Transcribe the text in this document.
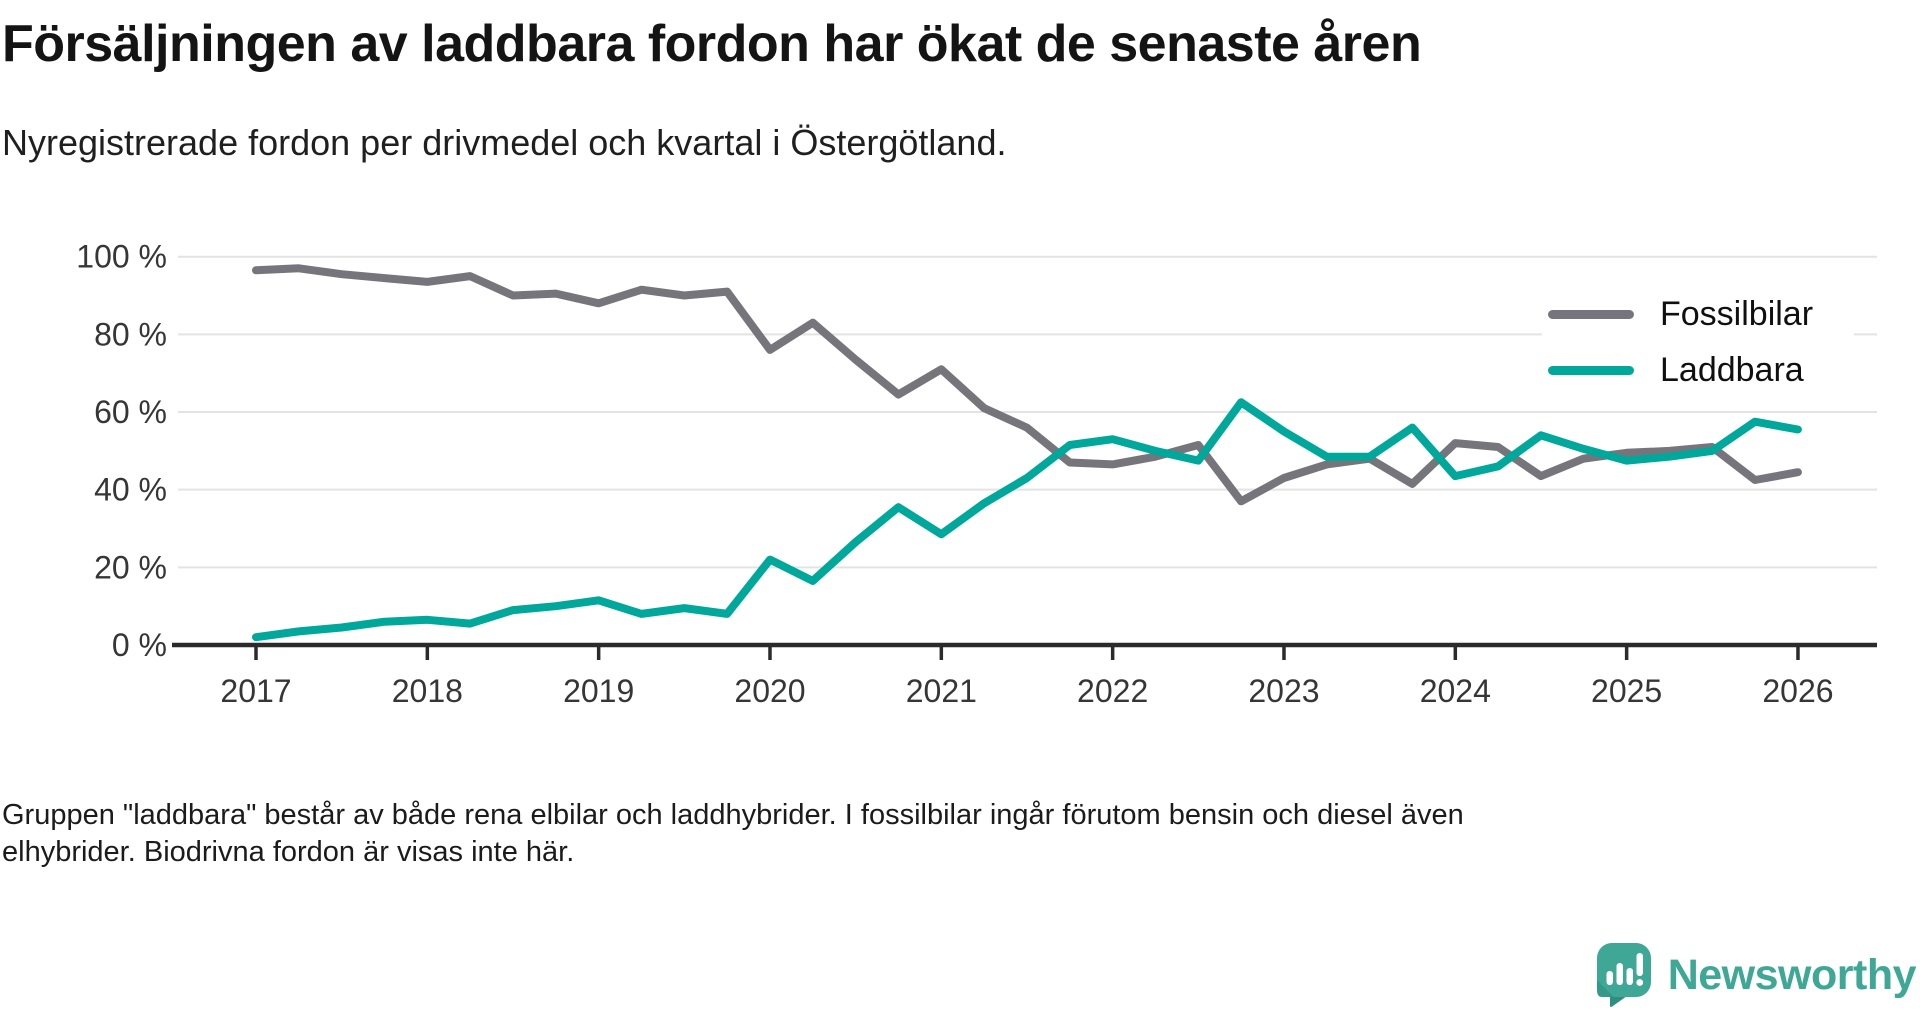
Försäljningen av laddbara fordon har ökat de senaste åren
Nyregistrerade fordon per drivmedel och kvartal i Östergötland.
2017	2018	2019	2020	2021	2022	2023	2024	2025	2026
0 %
20 %
40 %
60 %
80 %
100 %
Fossilbilar
Laddbara
Gruppen "laddbara" består av både rena elbilar och laddhybrider. I fossilbilar ingår förutom bensin och diesel även
elhybrider. Biodrivna fordon är visas inte här.
Newsworthy
